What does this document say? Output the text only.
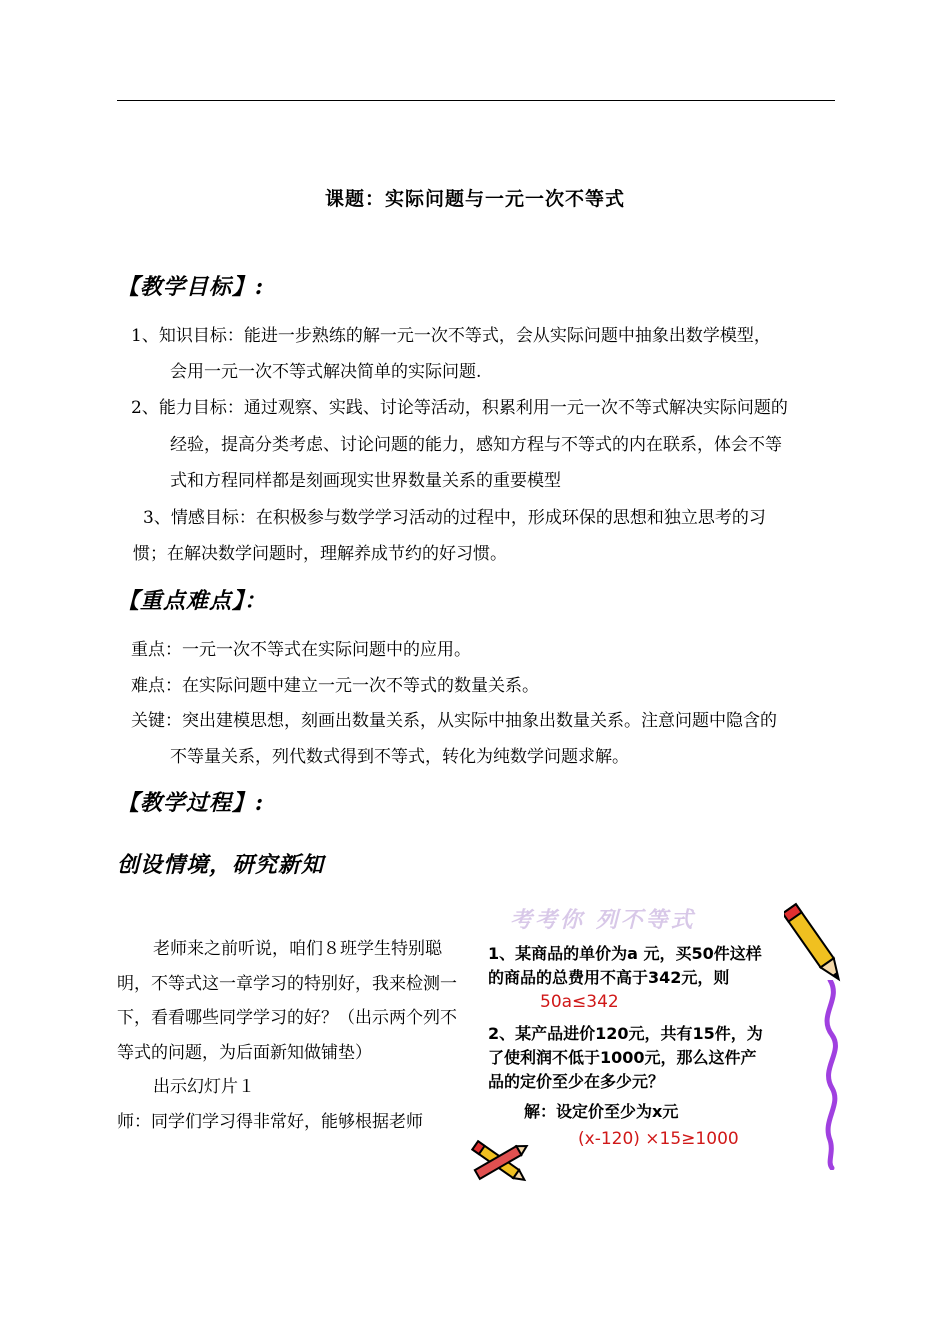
课题：实际问题与一元一次不等式
【教学目标】:
1、知识目标：能进一步熟练的解一元一次不等式，会从实际问题中抽象出数学模型，
会用一元一次不等式解决简单的实际问题.
2、能力目标：通过观察、实践、讨论等活动，积累利用一元一次不等式解决实际问题的
经验，提高分类考虑、讨论问题的能力，感知方程与不等式的内在联系，体会不等
式和方程同样都是刻画现实世界数量关系的重要模型
3、情感目标：在积极参与数学学习活动的过程中，形成环保的思想和独立思考的习
惯；在解决数学问题时，理解养成节约的好习惯。
【重点难点】：
重点：一元一次不等式在实际问题中的应用。
难点：在实际问题中建立一元一次不等式的数量关系。
关键：突出建模思想，刻画出数量关系，从实际中抽象出数量关系。注意问题中隐含的
不等量关系，列代数式得到不等式，转化为纯数学问题求解。
【教学过程】:
创设情境，研究新知

老师来之前听说，咱们８班学生特别聪明，不等式这一章学习的特别好，我来检测一下，看看哪些同学学习的好？（出示两个列不等式的问题，为后面新知做铺垫）

出示幻灯片１

师：同学们学习得非常好，能够根据老师

考考你 列不等式
1、某商品的单价为a 元，买50件这样
的商品的总费用不高于342元，则
50a≤342
2、某产品进价120元，共有15件，为
了使利润不低于1000元，那么这件产
品的定价至少在多少元？
解：设定价至少为x元
(x-120) ×15≥1000
